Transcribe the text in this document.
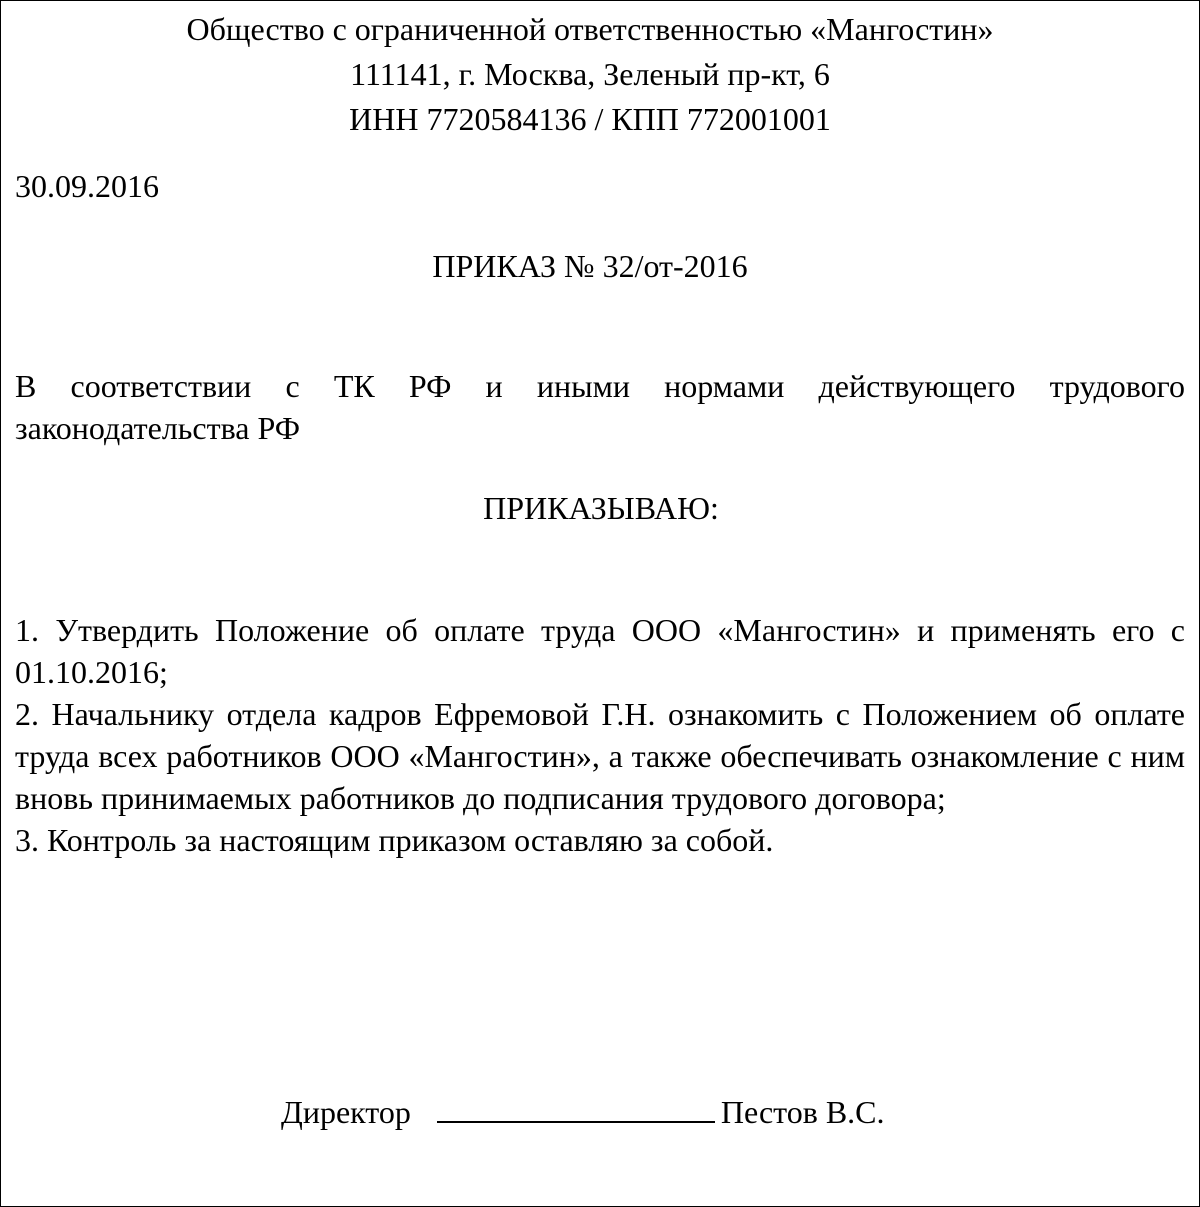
Общество с ограниченной ответственностью «Мангостин»
111141, г. Москва, Зеленый пр-кт, 6
ИНН 7720584136 / КПП 772001001
30.09.2016
ПРИКАЗ № 32/от-2016
В соответствии с ТК РФ и иными нормами действующего трудового законодательства РФ
ПРИКАЗЫВАЮ:
1. Утвердить Положение об оплате труда ООО «Мангостин» и применять его с 01.10.2016;
2. Начальнику отдела кадров Ефремовой Г.Н. ознакомить с Положением об оплате труда всех работников ООО «Мангостин», а также обеспечивать ознакомление с ним вновь принимаемых работников до подписания трудового договора;
3. Контроль за настоящим приказом оставляю за собой.
Директор	Пестов В.С.
